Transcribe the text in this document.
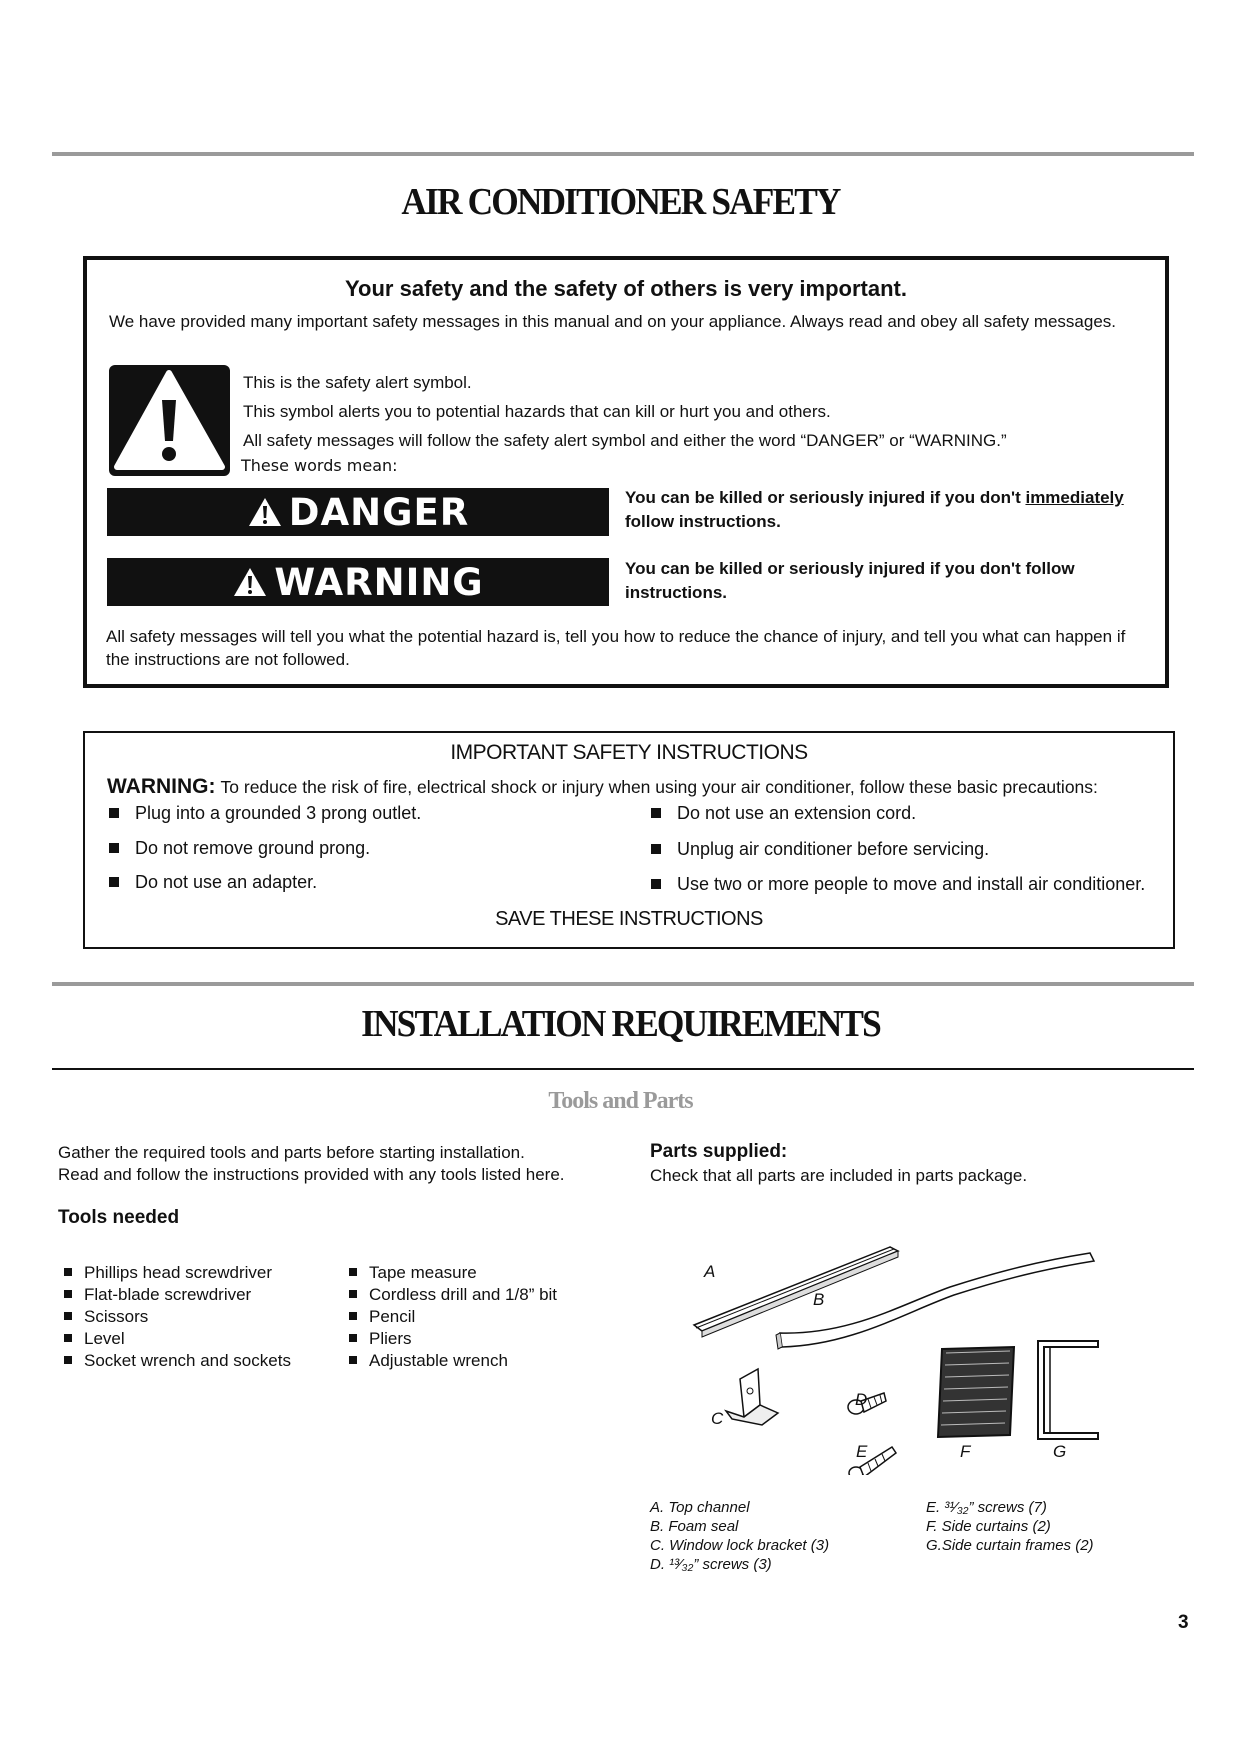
AIR CONDITIONER SAFETY
Your safety and the safety of others is very important.
We have provided many important safety messages in this manual and on your appliance. Always read and obey all safety messages.
This is the safety alert symbol.
This symbol alerts you to potential hazards that can kill or hurt you and others.
All safety messages will follow the safety alert symbol and either the word “DANGER” or “WARNING.”
These words mean:
DANGER	You can be killed or seriously injured if you don't immediately follow instructions.
WARNING	You can be killed or seriously injured if you don't follow instructions.
All safety messages will tell you what the potential hazard is, tell you how to reduce the chance of injury, and tell you what can happen if the instructions are not followed.
IMPORTANT SAFETY INSTRUCTIONS
WARNING: To reduce the risk of fire, electrical shock or injury when using your air conditioner, follow these basic precautions:
Plug into a grounded 3 prong outlet.
Do not remove ground prong.
Do not use an adapter.
Do not use an extension cord.
Unplug air conditioner before servicing.
Use two or more people to move and install air conditioner.
SAVE THESE INSTRUCTIONS
INSTALLATION REQUIREMENTS
Tools and Parts
Gather the required tools and parts before starting installation.
Read and follow the instructions provided with any tools listed here.
Tools needed
Phillips head screwdriver
Flat-blade screwdriver
Scissors
Level
Socket wrench and sockets
Tape measure
Cordless drill and 1/8” bit
Pencil
Pliers
Adjustable wrench
Parts supplied:
Check that all parts are included in parts package.
A
B
C
D
E	F	G
A. Top channel
B. Foam seal
C. Window lock bracket (3)
D. ¹³⁄₃₂” screws (3)
E. ³¹⁄₃₂” screws (7)
F. Side curtains (2)
G.Side curtain frames (2)
3
